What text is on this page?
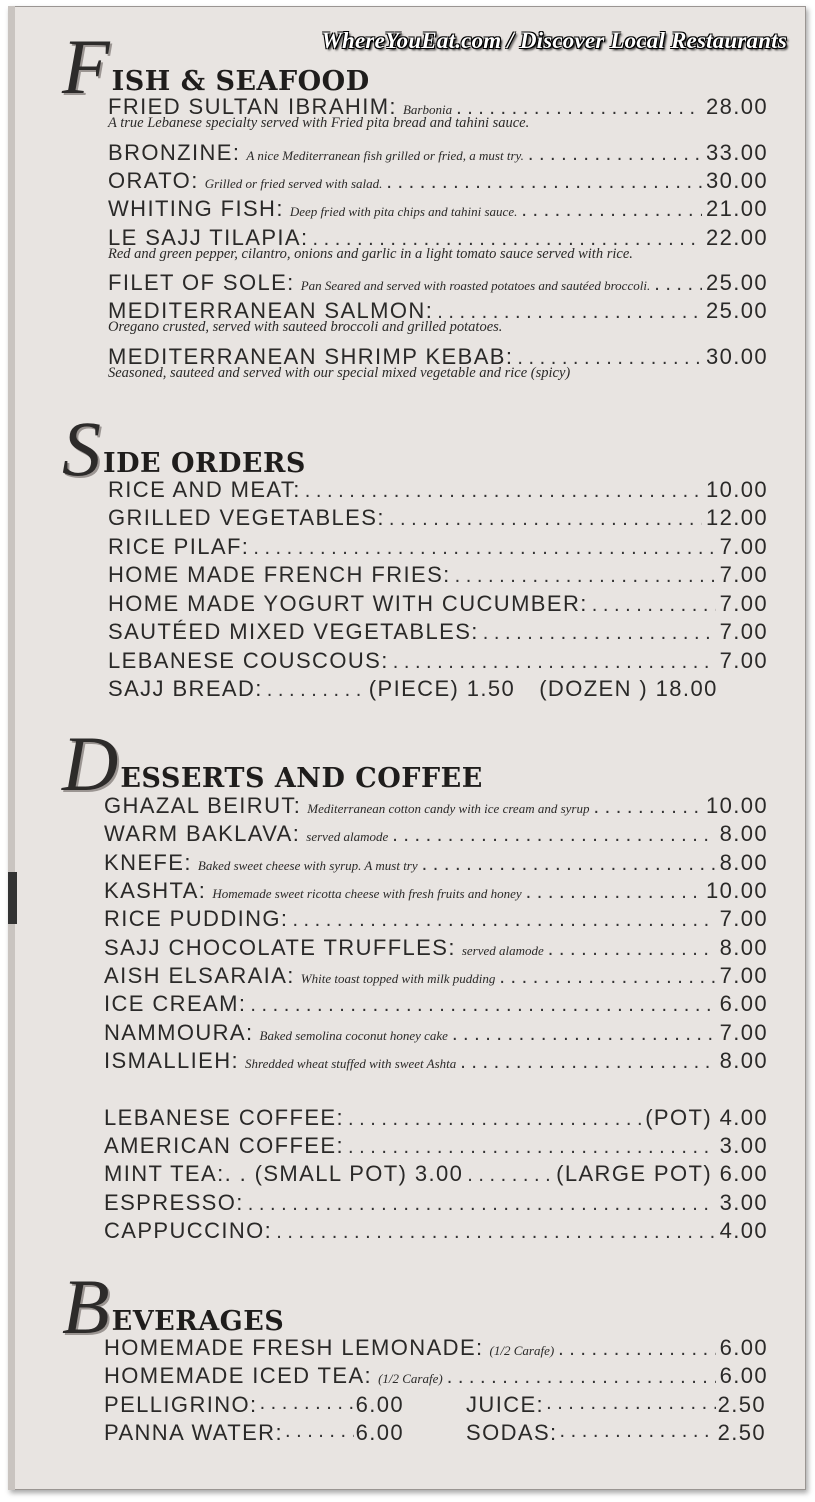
WhereYouEat.com / Discover Local Restaurants
F ISH & SEAFOOD
FRIED SULTAN IBRAHIM: Barbonia . . .	28.00
A true Lebanese specialty served with Fried pita bread and tahini sauce.
BRONZINE: A nice Mediterranean fish grilled or fried, a must try. . . .	33.00
ORATO: Grilled or fried served with salad. . . .	30.00
WHITING FISH: Deep fried with pita chips and tahini sauce. . . .	21.00
LE SAJJ TILAPIA: . . .	22.00
Red and green pepper, cilantro, onions and garlic in a light tomato sauce served with rice.
FILET OF SOLE: Pan Seared and served with roasted potatoes and sautéed broccoli. . . .	25.00
MEDITERRANEAN SALMON: . . .	25.00
Oregano crusted, served with sauteed broccoli and grilled potatoes.
MEDITERRANEAN SHRIMP KEBAB: . . .	30.00
Seasoned, sauteed and served with our special mixed vegetable and rice (spicy)
S IDE ORDERS
RICE AND MEAT: . . .	10.00
GRILLED VEGETABLES: . . .	12.00
RICE PILAF: . . .	7.00
HOME MADE FRENCH FRIES: . . .	7.00
HOME MADE YOGURT WITH CUCUMBER: . . .	7.00
SAUTÉED MIXED VEGETABLES: . . .	7.00
LEBANESE COUSCOUS: . . .	7.00
SAJJ BREAD: . . .	(PIECE) 1.50 (DOZEN ) 18.00
D ESSERTS AND COFFEE
GHAZAL BEIRUT: Mediterranean cotton candy with ice cream and syrup . . .	10.00
WARM BAKLAVA: served alamode . . .	8.00
KNEFE: Baked sweet cheese with syrup. A must try . . .	8.00
KASHTA: Homemade sweet ricotta cheese with fresh fruits and honey . . .	10.00
RICE PUDDING: . . .	7.00
SAJJ CHOCOLATE TRUFFLES: served alamode . . .	8.00
AISH ELSARAIA: White toast topped with milk pudding . . .	7.00
ICE CREAM: . . .	6.00
NAMMOURA: Baked semolina coconut honey cake . . .	7.00
ISMALLIEH: Shredded wheat stuffed with sweet Ashta . . .	8.00
LEBANESE COFFEE: . . .	(POT) 4.00
AMERICAN COFFEE: . . .	3.00
MINT TEA:. . (SMALL POT) 3.00 . . .	(LARGE POT) 6.00
ESPRESSO: . . .	3.00
CAPPUCCINO: . . .	4.00
B EVERAGES
HOMEMADE FRESH LEMONADE: (1/2 Carafe) . . .	6.00
HOMEMADE ICED TEA: (1/2 Carafe) . . .	6.00
PELLIGRINO: . . .	6.00	JUICE: . . .	2.50
PANNA WATER: . . .	6.00	SODAS: . . .	2.50
